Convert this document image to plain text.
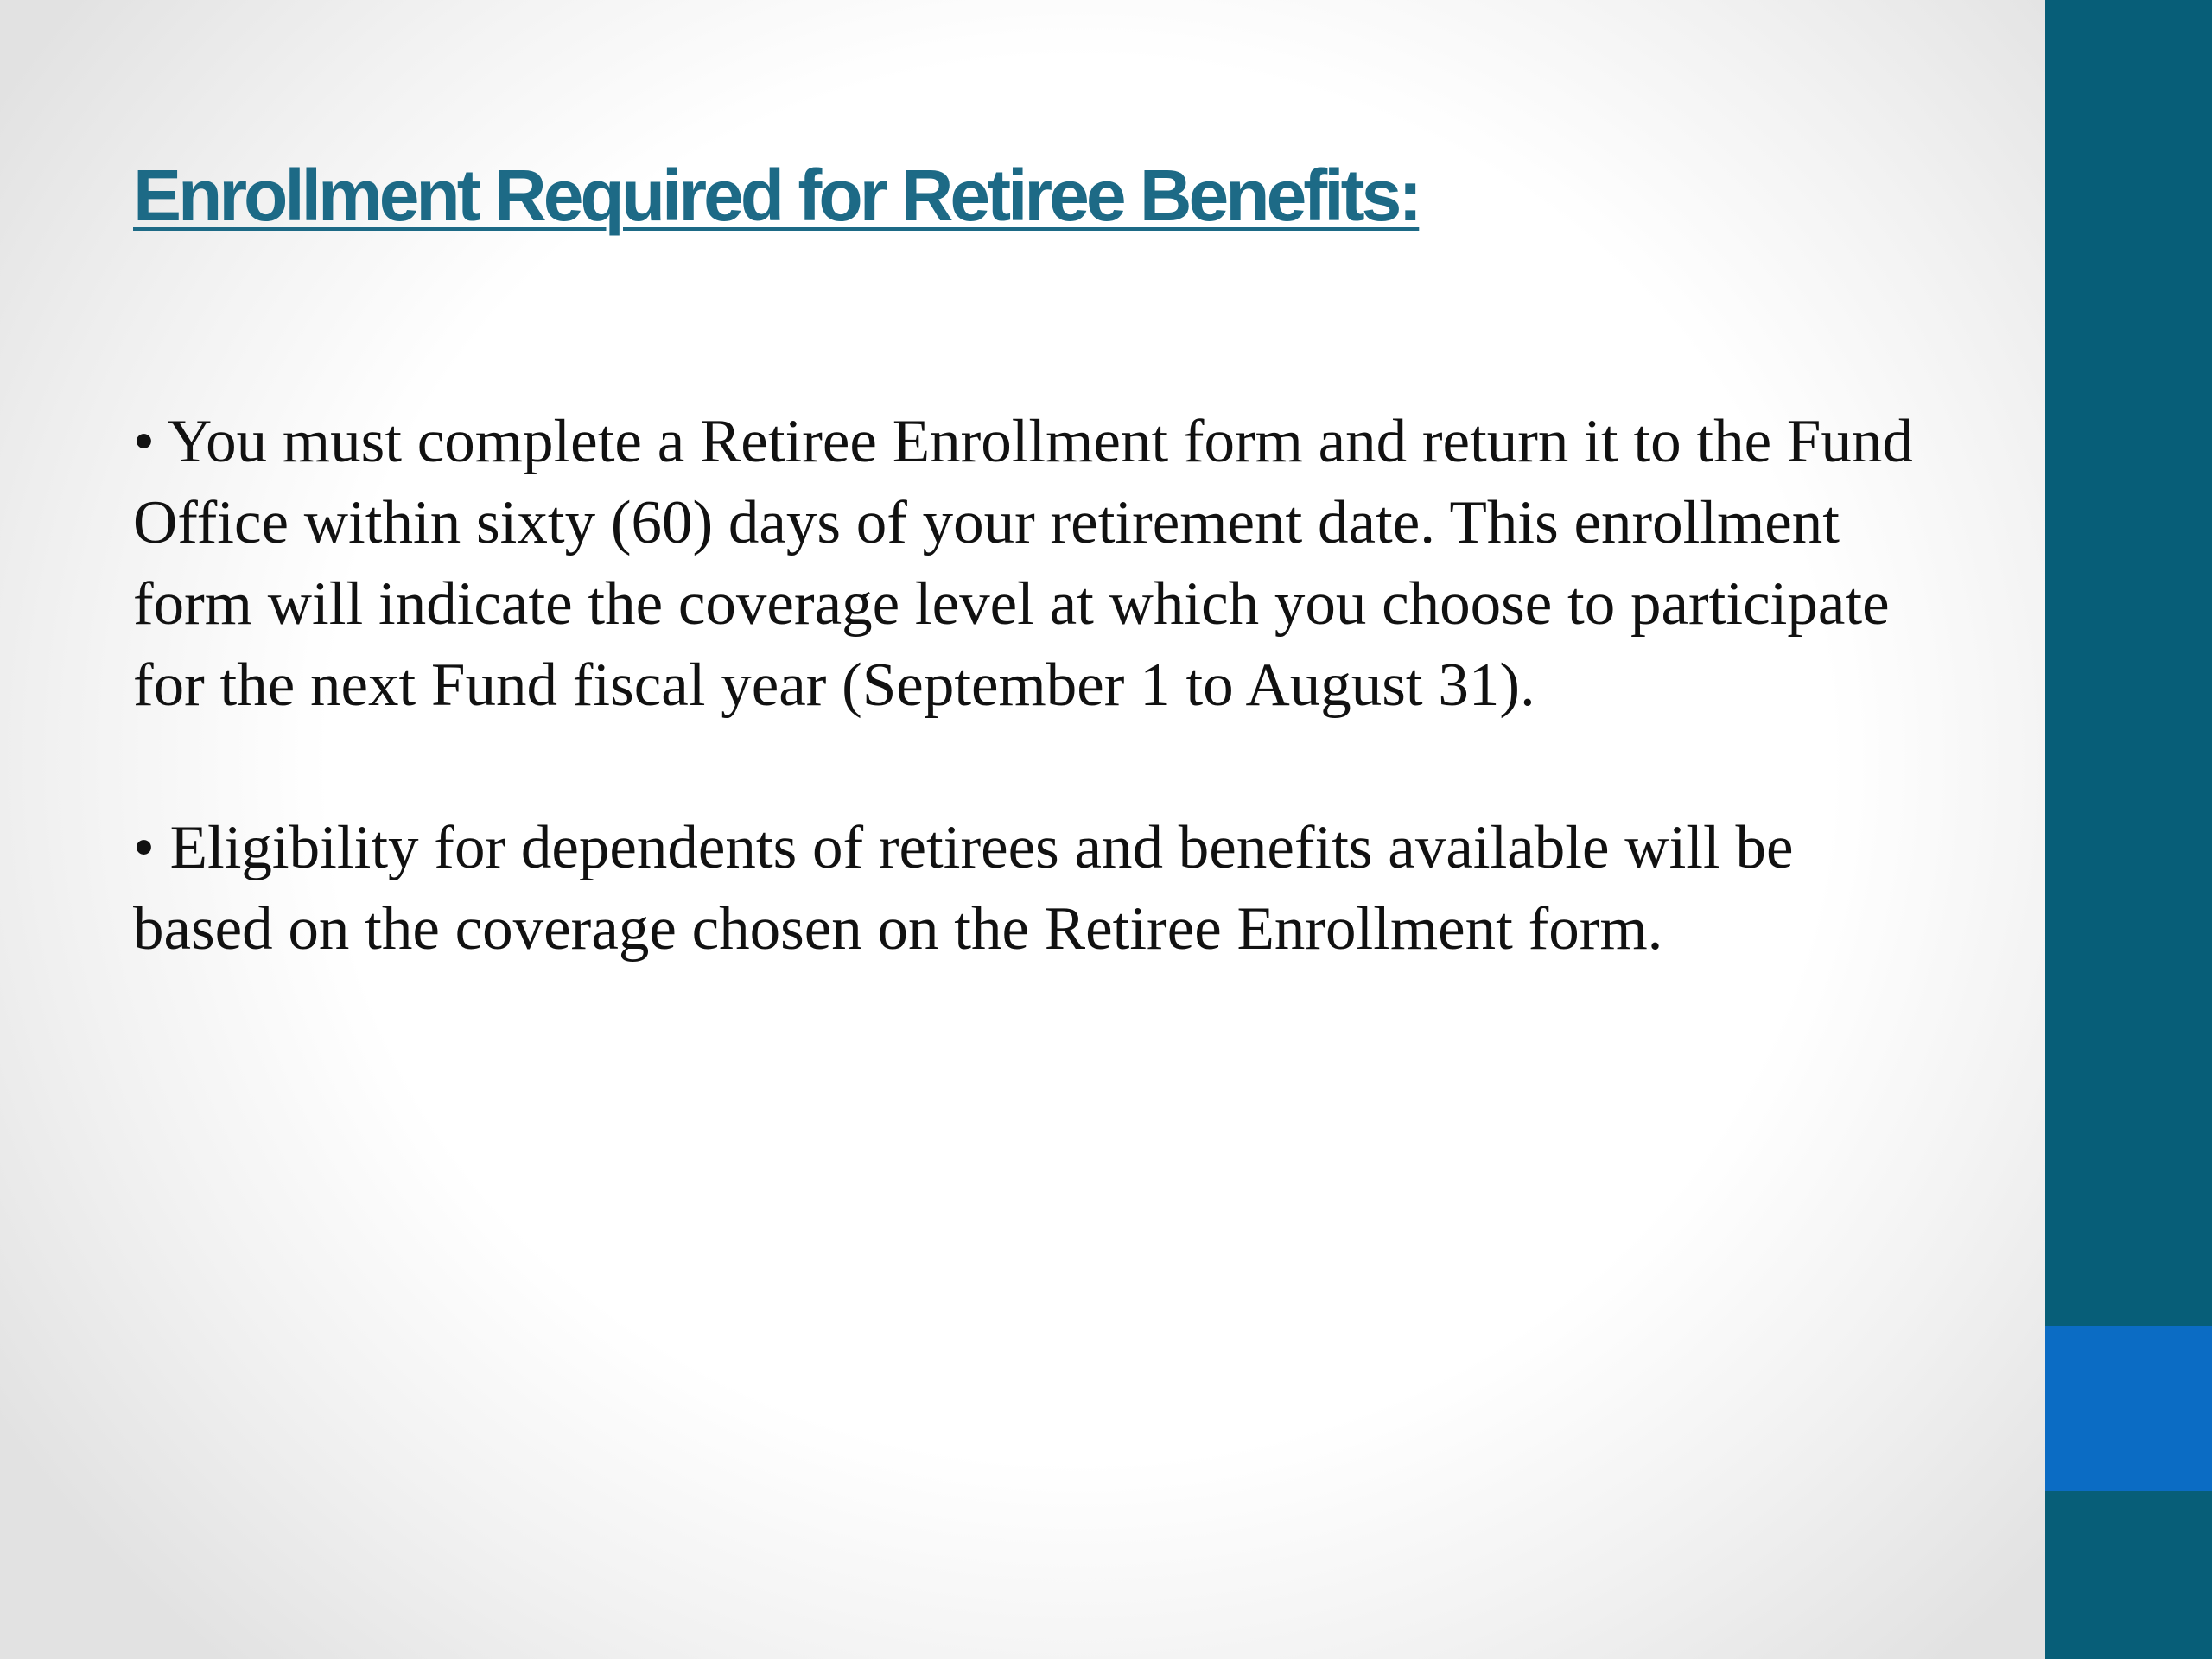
Enrollment Required for Retiree Benefits:

• You must complete a Retiree Enrollment form and return it to the Fund Office within sixty (60) days of your retirement date. This enrollment form will indicate the coverage level at which you choose to participate for the next Fund fiscal year (September 1 to August 31).

• Eligibility for dependents of retirees and benefits available will be based on the coverage chosen on the Retiree Enrollment form.
